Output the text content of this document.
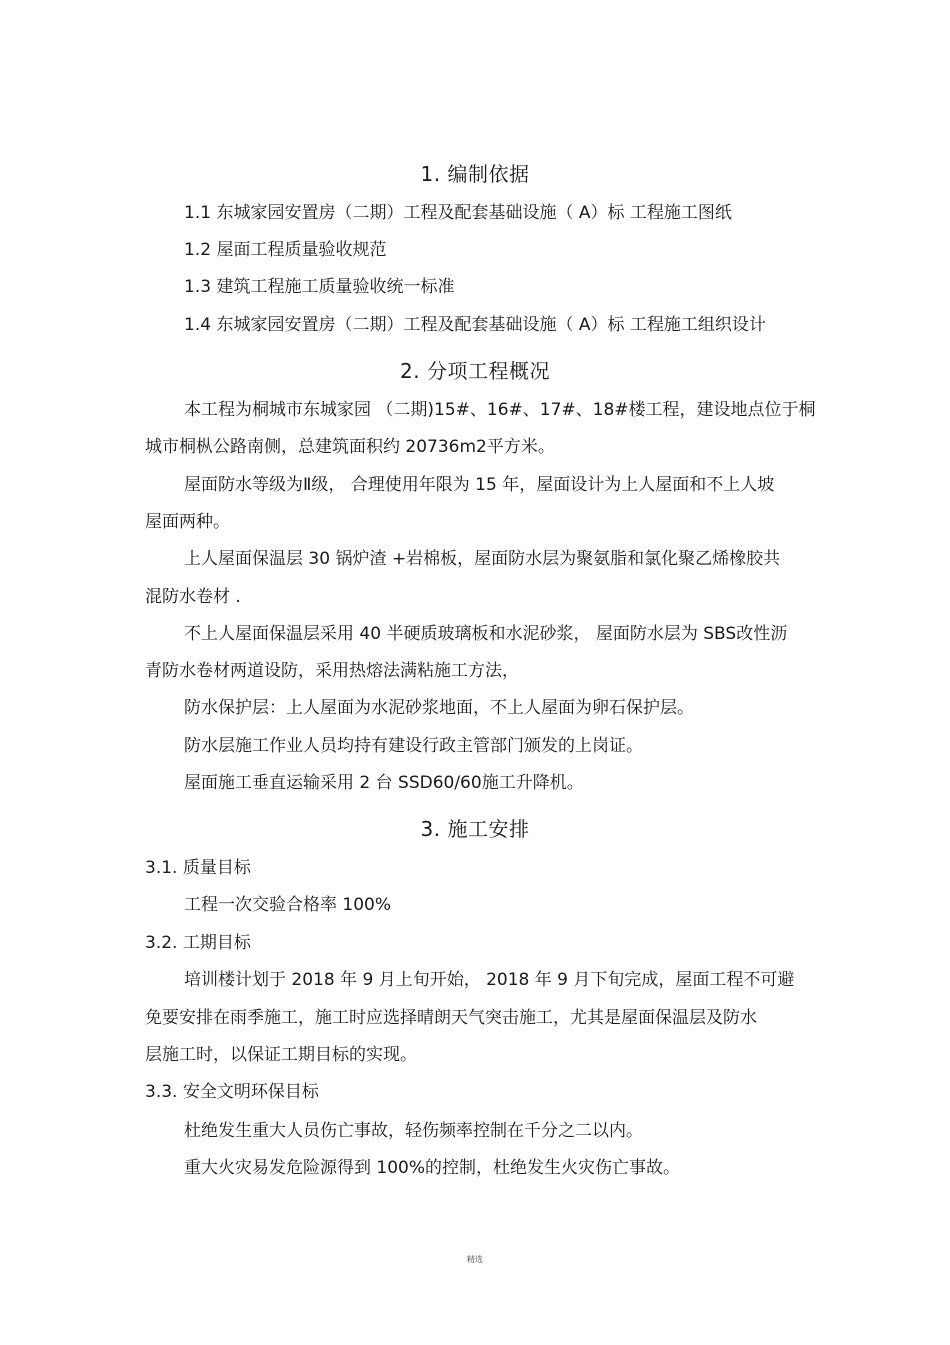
1. 编制依据
1.1 东城家园安置房（二期）工程及配套基础设施（ A）标 工程施工图纸
1.2 屋面工程质量验收规范
1.3 建筑工程施工质量验收统一标准
1.4 东城家园安置房（二期）工程及配套基础设施（ A）标 工程施工组织设计
2. 分项工程概况
本工程为桐城市东城家园 （二期)15#、16#、17#、18#楼工程，建设地点位于桐
城市桐枞公路南侧，总建筑面积约 20736m2平方米。
屋面防水等级为Ⅱ级， 合理使用年限为 15 年，屋面设计为上人屋面和不上人坡
屋面两种。
上人屋面保温层 30 锅炉渣 +岩棉板，屋面防水层为聚氨脂和氯化聚乙烯橡胶共
混防水卷材 .
不上人屋面保温层采用 40 半硬质玻璃板和水泥砂浆， 屋面防水层为 SBS改性沥
青防水卷材两道设防，采用热熔法满粘施工方法，
防水保护层：上人屋面为水泥砂浆地面，不上人屋面为卵石保护层。
防水层施工作业人员均持有建设行政主管部门颁发的上岗证。
屋面施工垂直运输采用 2 台 SSD60/60施工升降机。
3. 施工安排
3.1. 质量目标
工程一次交验合格率 100%
3.2. 工期目标
培训楼计划于 2018 年 9 月上旬开始， 2018 年 9 月下旬完成，屋面工程不可避
免要安排在雨季施工，施工时应选择晴朗天气突击施工，尤其是屋面保温层及防水
层施工时，以保证工期目标的实现。
3.3. 安全文明环保目标
杜绝发生重大人员伤亡事故，轻伤频率控制在千分之二以内。
重大火灾易发危险源得到 100%的控制，杜绝发生火灾伤亡事故。
精选
